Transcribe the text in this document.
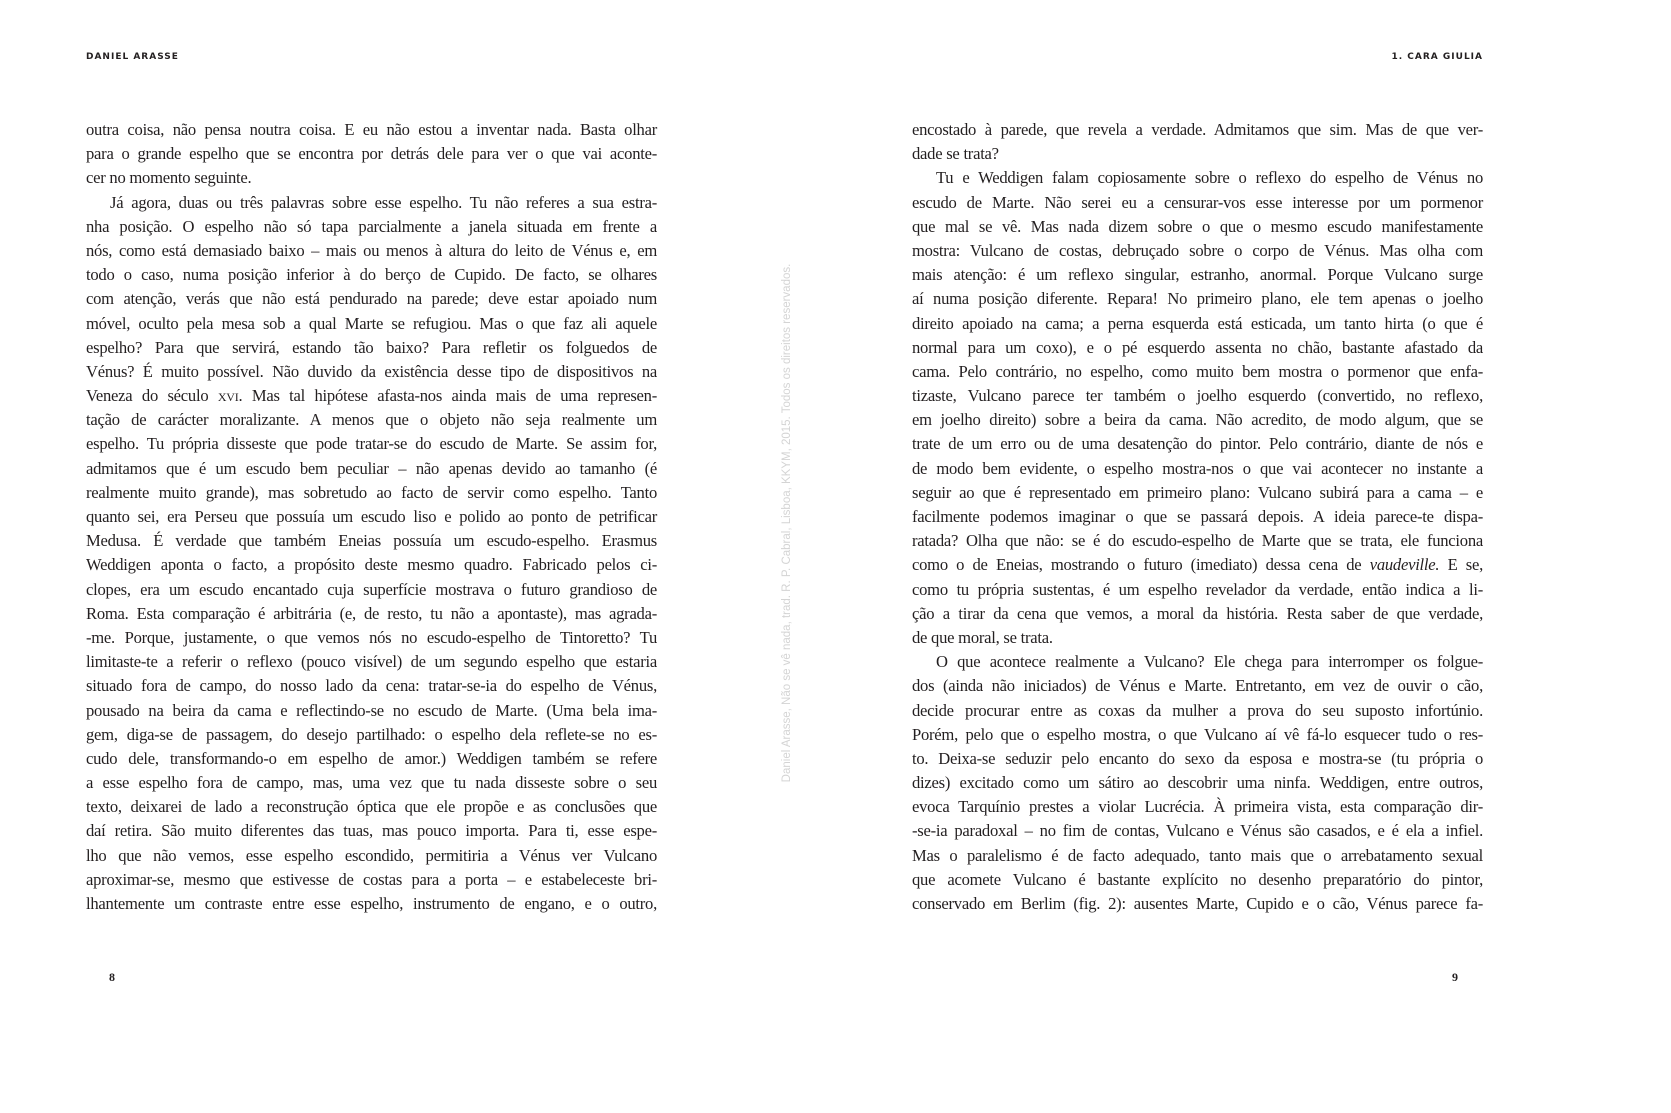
DANIEL ARASSE	1. CARA GIULIA
outra coisa, não pensa noutra coisa. E eu não estou a inventar nada. Basta olhar
para o grande espelho que se encontra por detrás dele para ver o que vai aconte-
cer no momento seguinte.
Já agora, duas ou três palavras sobre esse espelho. Tu não referes a sua estra-
nha posição. O espelho não só tapa parcialmente a janela situada em frente a
nós, como está demasiado baixo – mais ou menos à altura do leito de Vénus e, em
todo o caso, numa posição inferior à do berço de Cupido. De facto, se olhares
com atenção, verás que não está pendurado na parede; deve estar apoiado num
móvel, oculto pela mesa sob a qual Marte se refugiou. Mas o que faz ali aquele
espelho? Para que servirá, estando tão baixo? Para refletir os folguedos de
Vénus? É muito possível. Não duvido da existência desse tipo de dispositivos na
Veneza do século xvi. Mas tal hipótese afasta-nos ainda mais de uma represen-
tação de carácter moralizante. A menos que o objeto não seja realmente um
espelho. Tu própria disseste que pode tratar-se do escudo de Marte. Se assim for,
admitamos que é um escudo bem peculiar – não apenas devido ao tamanho (é
realmente muito grande), mas sobretudo ao facto de servir como espelho. Tanto
quanto sei, era Perseu que possuía um escudo liso e polido ao ponto de petrificar
Medusa. É verdade que também Eneias possuía um escudo-espelho. Erasmus
Weddigen aponta o facto, a propósito deste mesmo quadro. Fabricado pelos ci-
clopes, era um escudo encantado cuja superfície mostrava o futuro grandioso de
Roma. Esta comparação é arbitrária (e, de resto, tu não a apontaste), mas agrada-
-me. Porque, justamente, o que vemos nós no escudo-espelho de Tintoretto? Tu
limitaste-te a referir o reflexo (pouco visível) de um segundo espelho que estaria
situado fora de campo, do nosso lado da cena: tratar-se-ia do espelho de Vénus,
pousado na beira da cama e reflectindo-se no escudo de Marte. (Uma bela ima-
gem, diga-se de passagem, do desejo partilhado: o espelho dela reflete-se no es-
cudo dele, transformando-o em espelho de amor.) Weddigen também se refere
a esse espelho fora de campo, mas, uma vez que tu nada disseste sobre o seu
texto, deixarei de lado a reconstrução óptica que ele propõe e as conclusões que
daí retira. São muito diferentes das tuas, mas pouco importa. Para ti, esse espe-
lho que não vemos, esse espelho escondido, permitiria a Vénus ver Vulcano
aproximar-se, mesmo que estivesse de costas para a porta – e estabeleceste bri-
lhantemente um contraste entre esse espelho, instrumento de engano, e o outro,
encostado à parede, que revela a verdade. Admitamos que sim. Mas de que ver-
dade se trata?
Tu e Weddigen falam copiosamente sobre o reflexo do espelho de Vénus no
escudo de Marte. Não serei eu a censurar-vos esse interesse por um pormenor
que mal se vê. Mas nada dizem sobre o que o mesmo escudo manifestamente
mostra: Vulcano de costas, debruçado sobre o corpo de Vénus. Mas olha com
mais atenção: é um reflexo singular, estranho, anormal. Porque Vulcano surge
aí numa posição diferente. Repara! No primeiro plano, ele tem apenas o joelho
direito apoiado na cama; a perna esquerda está esticada, um tanto hirta (o que é
normal para um coxo), e o pé esquerdo assenta no chão, bastante afastado da
cama. Pelo contrário, no espelho, como muito bem mostra o pormenor que enfa-
tizaste, Vulcano parece ter também o joelho esquerdo (convertido, no reflexo,
em joelho direito) sobre a beira da cama. Não acredito, de modo algum, que se
trate de um erro ou de uma desatenção do pintor. Pelo contrário, diante de nós e
de modo bem evidente, o espelho mostra-nos o que vai acontecer no instante a
seguir ao que é representado em primeiro plano: Vulcano subirá para a cama – e
facilmente podemos imaginar o que se passará depois. A ideia parece-te dispa-
ratada? Olha que não: se é do escudo-espelho de Marte que se trata, ele funciona
como o de Eneias, mostrando o futuro (imediato) dessa cena de vaudeville. E se,
como tu própria sustentas, é um espelho revelador da verdade, então indica a li-
ção a tirar da cena que vemos, a moral da história. Resta saber de que verdade,
de que moral, se trata.
O que acontece realmente a Vulcano? Ele chega para interromper os folgue-
dos (ainda não iniciados) de Vénus e Marte. Entretanto, em vez de ouvir o cão,
decide procurar entre as coxas da mulher a prova do seu suposto infortúnio.
Porém, pelo que o espelho mostra, o que Vulcano aí vê fá-lo esquecer tudo o res-
to. Deixa-se seduzir pelo encanto do sexo da esposa e mostra-se (tu própria o
dizes) excitado como um sátiro ao descobrir uma ninfa. Weddigen, entre outros,
evoca Tarquínio prestes a violar Lucrécia. À primeira vista, esta comparação dir-
-se-ia paradoxal – no fim de contas, Vulcano e Vénus são casados, e é ela a infiel.
Mas o paralelismo é de facto adequado, tanto mais que o arrebatamento sexual
que acomete Vulcano é bastante explícito no desenho preparatório do pintor,
conservado em Berlim (fig. 2): ausentes Marte, Cupido e o cão, Vénus parece fa-
Daniel Arasse, Não se vê nada, trad. R. P. Cabral, Lisboa, KKYM, 2015. Todos os direitos reservados.
8	9
